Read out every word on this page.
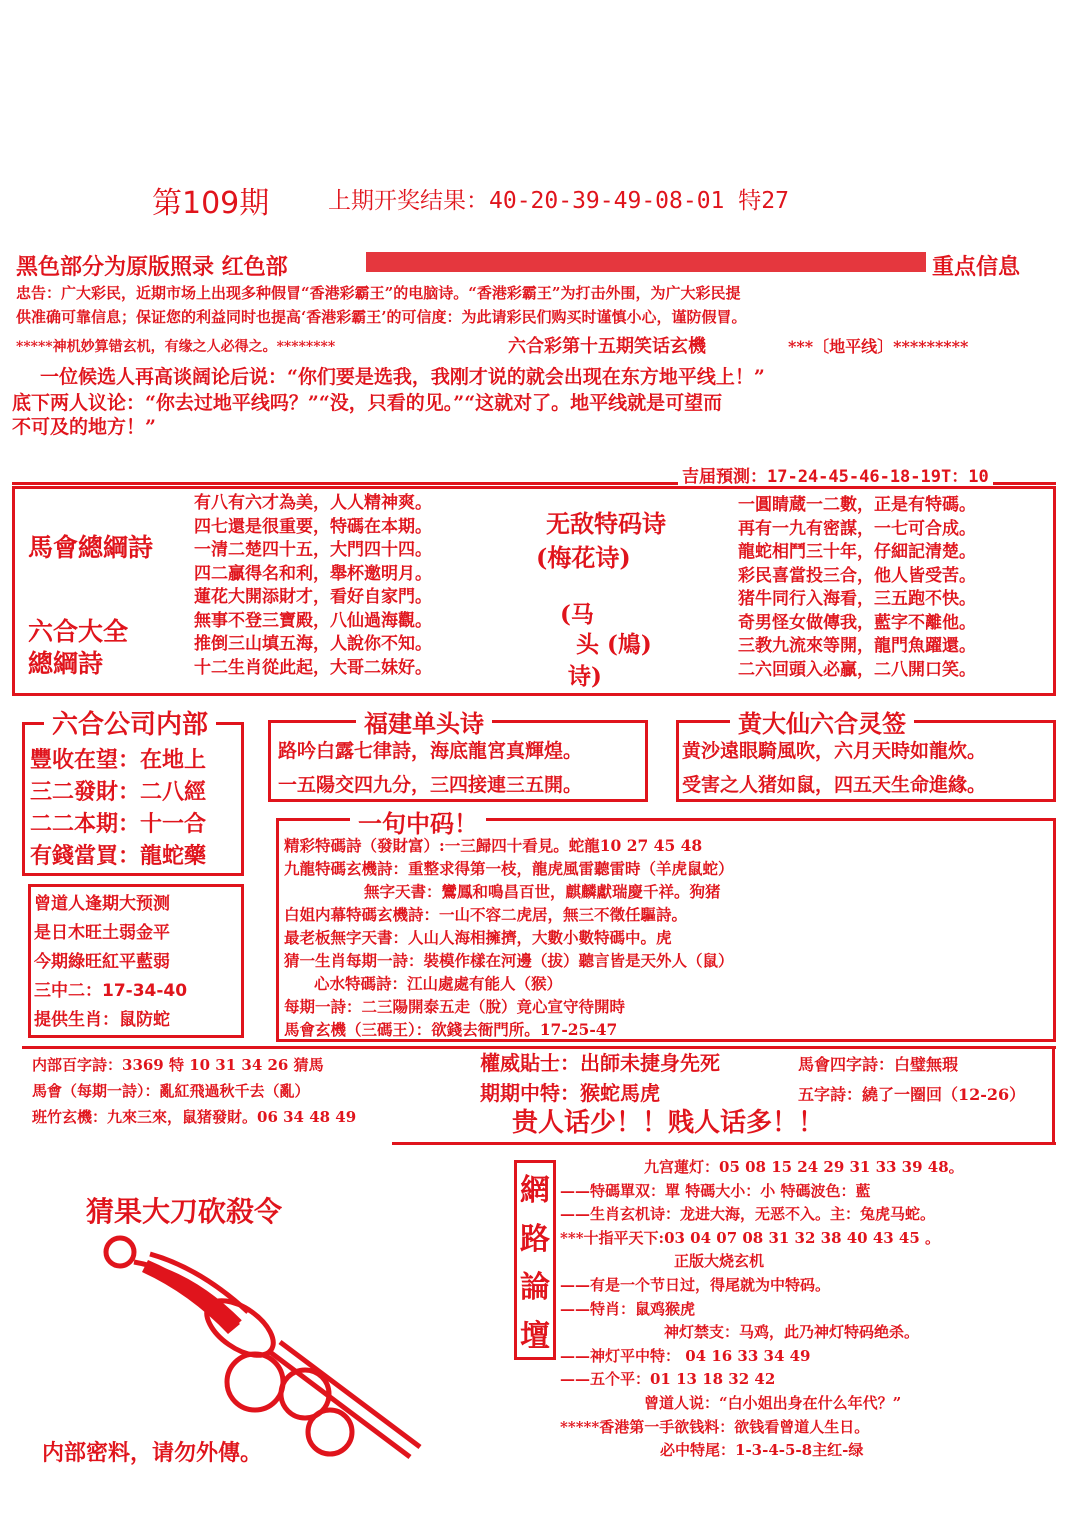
第109期	上期开奖结果：40-20-39-49-08-01 特27
黑色部分为原版照录 红色部	重点信息
忠告：广大彩民，近期市场上出现多种假冒“香港彩霸王”的电脑诗。“香港彩霸王”为打击外围，为广大彩民提
供准确可靠信息；保证您的利益同时也提高‘香港彩霸王’的可信度：为此请彩民们购买时谨慎小心，谨防假冒。
*****神机妙算错玄机，有缘之人必得之。********	六合彩第十五期笑话玄機	***〔地平线〕*********
一位候选人再高谈阔论后说：“你们要是选我，我刚才说的就会出现在东方地平线上！”
底下两人议论：“你去过地平线吗？”“没，只看的见。”“这就对了。地平线就是可望而
不可及的地方！”
吉届預測：17-24-45-46-18-19T：10
馬會總綱詩
六合大全
總綱詩
有八有六才為美，人人精神爽。
四七還是很重要，特碼在本期。
一清二楚四十五，大門四十四。
四二贏得名和利，舉杯邀明月。
蓮花大開添財才，看好自家門。
無事不登三寶殿，八仙過海觀。
推倒三山填五海，人說你不知。
十二生肖從此起，大哥二妹好。
无敌特码诗
(梅花诗)
(马
头 (鳩)
诗)
一圓睛蔵一二數，正是有特碼。
再有一九有密謀，一七可合成。
龍蛇相鬥三十年，仔細記清楚。
彩民喜當投三合，他人皆受苦。
猪牛同行入海看，三五跑不快。
奇男怪女做傳我，藍字不離他。
三教九流來等開，龍門魚躍還。
二六回頭入必贏，二八開口笑。
六合公司内部
豐收在望：在地上
三二發財：二八經
二二本期：十一合
有錢當買：龍蛇藥
福建单头诗
路吟白露七律詩，海底龍宮真輝煌。
一五陽交四九分，三四接連三五開。
黄大仙六合灵签
黄沙遠眼騎風吹，六月天時如龍炊。
受害之人猪如鼠，四五天生命進緣。
曾道人逢期大预测
是日木旺土弱金平
今期綠旺紅平藍弱
三中二：17-34-40
提供生肖：鼠防蛇
一句中码！
精彩特碼詩（發財富）:一三歸四十看見。蛇龍10 27 45 48
九龍特碼玄機詩：重整求得第一枝，龍虎風雷聽雷時（羊虎鼠蛇）
無字天書：鸞鳳和鳴昌百世，麒麟獻瑞慶千祥。狗猪
白姐内幕特碼玄機詩：一山不容二虎居，無三不徵任驅詩。
最老板無字天書：人山人海相擁擠，大數小數特碼中。虎
猜一生肖每期一詩：裝模作樣在河邊（拔）聽言皆是天外人（鼠）
心水特碼詩：江山處處有能人（猴）
每期一詩：二三陽開泰五走（脫）竟心宣守待開時
馬會玄機（三碼王）：欲錢去衙門所。17-25-47
内部百字詩：3369 特 10 31 34 26 猜馬
馬會（每期一詩）：亂紅飛過秋千去（亂）
班竹玄機：九來三來，鼠猪發財。06 34 48 49
權威貼士：出師未捷身先死
期期中特：猴蛇馬虎
馬會四字詩：白璧無瑕
五字詩：繞了一圈回（12-26）
贵人话少！！贱人话多！！
猜果大刀砍殺令
内部密料，请勿外傳。
網
路
論
壇
九宫蓮灯：05 08 15 24 29 31 33 39 48。
——特碼單双：單 特碼大小：小 特碼波色：藍
——生肖玄机诗：龙进大海，无恶不入。主：兔虎马蛇。
***十指平天下:03 04 07 08 31 32 38 40 43 45 。
正版大烧玄机
——有是一个节日过，得尾就为中特码。
——特肖：鼠鸡猴虎
神灯禁支：马鸡，此乃神灯特码绝杀。
——神灯平中特： 04 16 33 34 49
——五个平：01 13 18 32 42
曾道人说：“白小姐出身在什么年代？”
*****香港第一手欲钱料：欲钱看曾道人生日。
必中特尾：1-3-4-5-8主红-绿
